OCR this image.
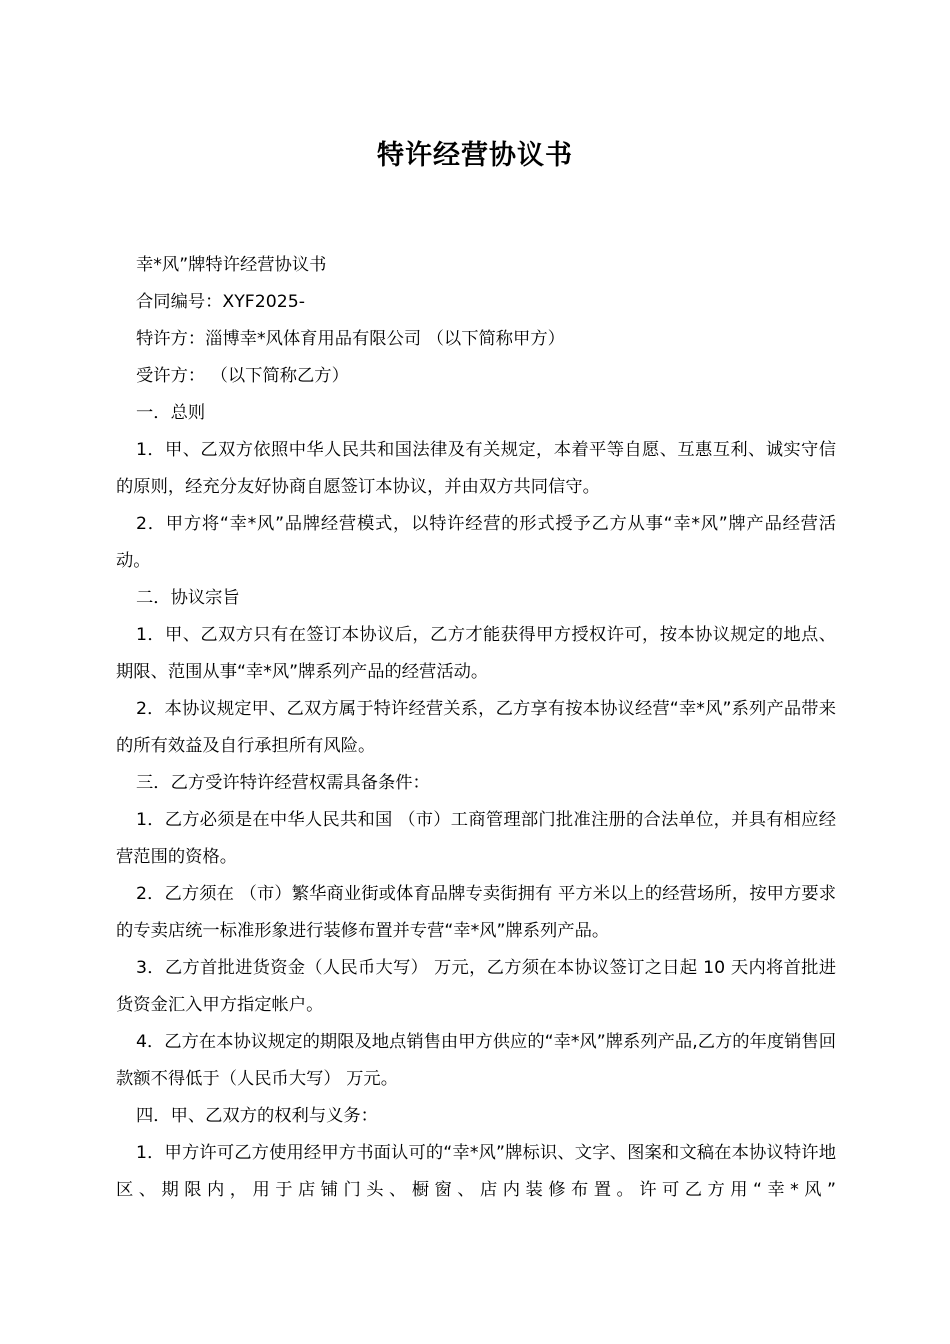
特许经营协议书

幸*风”牌特许经营协议书

合同编号：XYF2025-

特许方：淄博幸*风体育用品有限公司 （以下简称甲方）

受许方： （以下简称乙方）

一．总则

1．甲、乙双方依照中华人民共和国法律及有关规定，本着平等自愿、互惠互利、诚实守信的原则，经充分友好协商自愿签订本协议，并由双方共同信守。

2．甲方将“幸*风”品牌经营模式，以特许经营的形式授予乙方从事“幸*风”牌产品经营活动。

二．协议宗旨

1．甲、乙双方只有在签订本协议后，乙方才能获得甲方授权许可，按本协议规定的地点、期限、范围从事“幸*风”牌系列产品的经营活动。

2．本协议规定甲、乙双方属于特许经营关系，乙方享有按本协议经营“幸*风”系列产品带来的所有效益及自行承担所有风险。

三．乙方受许特许经营权需具备条件：

1．乙方必须是在中华人民共和国 （市）工商管理部门批准注册的合法单位，并具有相应经营范围的资格。

2．乙方须在 （市）繁华商业街或体育品牌专卖街拥有 平方米以上的经营场所，按甲方要求的专卖店统一标准形象进行装修布置并专营“幸*风”牌系列产品。

3．乙方首批进货资金（人民币大写） 万元，乙方须在本协议签订之日起 10 天内将首批进货资金汇入甲方指定帐户。

4．乙方在本协议规定的期限及地点销售由甲方供应的“幸*风”牌系列产品,乙方的年度销售回款额不得低于（人民币大写） 万元。

四．甲、乙双方的权利与义务：

1．甲方许可乙方使用经甲方书面认可的“幸*风”牌标识、文字、图案和文稿在本协议特许地区、期限内，用于店铺门头、橱窗、店内装修布置。许可乙方用“幸*风”
